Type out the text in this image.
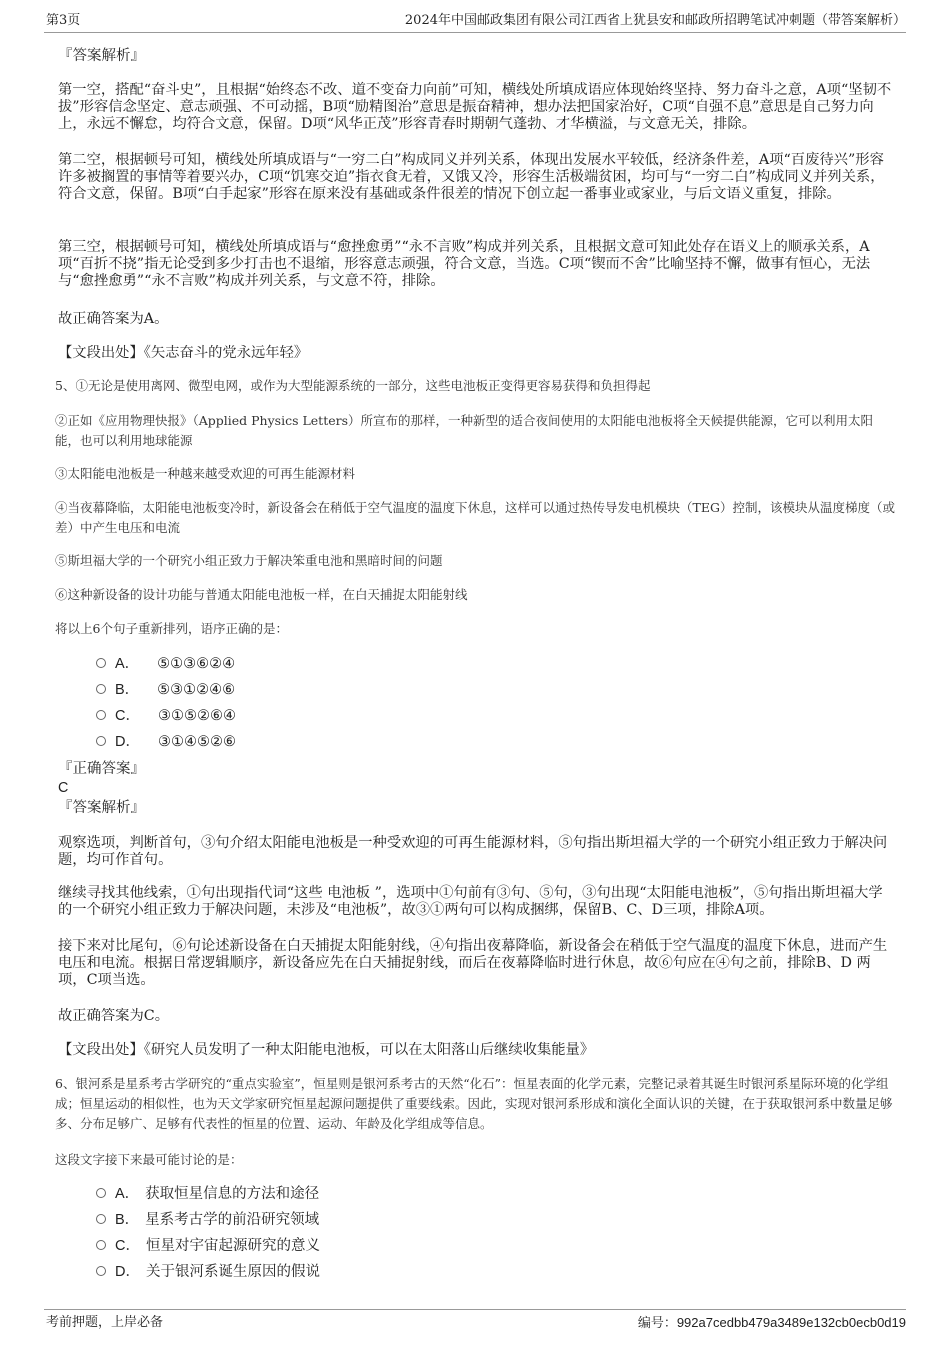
第3页	2024年中国邮政集团有限公司江西省上犹县安和邮政所招聘笔试冲刺题（带答案解析）
『答案解析』
第一空，搭配“奋斗史”，且根据“始终态不改、道不变奋力向前”可知，横线处所填成语应体现始终坚持、努力奋斗之意，A项“坚韧不拔”形容信念坚定、意志顽强、不可动摇，B项“励精图治”意思是振奋精神，想办法把国家治好，C项“自强不息”意思是自己努力向上，永远不懈怠，均符合文意，保留。D项“风华正茂”形容青春时期朝气蓬勃、才华横溢，与文意无关，排除。
第二空，根据顿号可知，横线处所填成语与“一穷二白”构成同义并列关系，体现出发展水平较低，经济条件差，A项“百废待兴”形容许多被搁置的事情等着要兴办，C项“饥寒交迫”指衣食无着，又饿又冷，形容生活极端贫困，均可与“一穷二白”构成同义并列关系，符合文意，保留。B项“白手起家”形容在原来没有基础或条件很差的情况下创立起一番事业或家业，与后文语义重复，排除。
第三空，根据顿号可知，横线处所填成语与“愈挫愈勇”“永不言败”构成并列关系，且根据文意可知此处存在语义上的顺承关系，A项“百折不挠”指无论受到多少打击也不退缩，形容意志顽强，符合文意，当选。C项“锲而不舍”比喻坚持不懈，做事有恒心，无法与“愈挫愈勇”“永不言败”构成并列关系，与文意不符，排除。
故正确答案为A。
【文段出处】《矢志奋斗的党永远年轻》
5、①无论是使用离网、微型电网，或作为大型能源系统的一部分，这些电池板正变得更容易获得和负担得起
②正如《应用物理快报》（Applied Physics Letters）所宣布的那样，一种新型的适合夜间使用的太阳能电池板将全天候提供能源，它可以利用太阳能，也可以利用地球能源
③太阳能电池板是一种越来越受欢迎的可再生能源材料
④当夜幕降临，太阳能电池板变冷时，新设备会在稍低于空气温度的温度下休息，这样可以通过热传导发电机模块（TEG）控制，该模块从温度梯度（或差）中产生电压和电流
⑤斯坦福大学的一个研究小组正致力于解决笨重电池和黑暗时间的问题
⑥这种新设备的设计功能与普通太阳能电池板一样，在白天捕捉太阳能射线
将以上6个句子重新排列，语序正确的是：
A． ⑤①③⑥②④
B． ⑤③①②④⑥
C． ③①⑤②⑥④
D． ③①④⑤②⑥
『正确答案』
C
『答案解析』
观察选项，判断首句，③句介绍太阳能电池板是一种受欢迎的可再生能源材料，⑤句指出斯坦福大学的一个研究小组正致力于解决问题，均可作首句。
继续寻找其他线索，①句出现指代词“这些 电池板 ”，选项中①句前有③句、⑤句，③句出现“太阳能电池板”，⑤句指出斯坦福大学的一个研究小组正致力于解决问题，未涉及“电池板”，故③①两句可以构成捆绑，保留B、C、D三项，排除A项。
接下来对比尾句，⑥句论述新设备在白天捕捉太阳能射线，④句指出夜幕降临，新设备会在稍低于空气温度的温度下休息，进而产生电压和电流。根据日常逻辑顺序，新设备应先在白天捕捉射线，而后在夜幕降临时进行休息，故⑥句应在④句之前，排除B、D 两 项，C项当选。
故正确答案为C。
【文段出处】《研究人员发明了一种太阳能电池板，可以在太阳落山后继续收集能量》
6、银河系是星系考古学研究的“重点实验室”，恒星则是银河系考古的天然“化石”：恒星表面的化学元素，完整记录着其诞生时银河系星际环境的化学组成；恒星运动的相似性，也为天文学家研究恒星起源问题提供了重要线索。因此，实现对银河系形成和演化全面认识的关键，在于获取银河系中数量足够多、分布足够广、足够有代表性的恒星的位置、运动、年龄及化学组成等信息。
这段文字接下来最可能讨论的是：
A． 获取恒星信息的方法和途径
B． 星系考古学的前沿研究领域
C． 恒星对宇宙起源研究的意义
D． 关于银河系诞生原因的假说
考前押题，上岸必备	编号：992a7cedbb479a3489e132cb0ecb0d19
